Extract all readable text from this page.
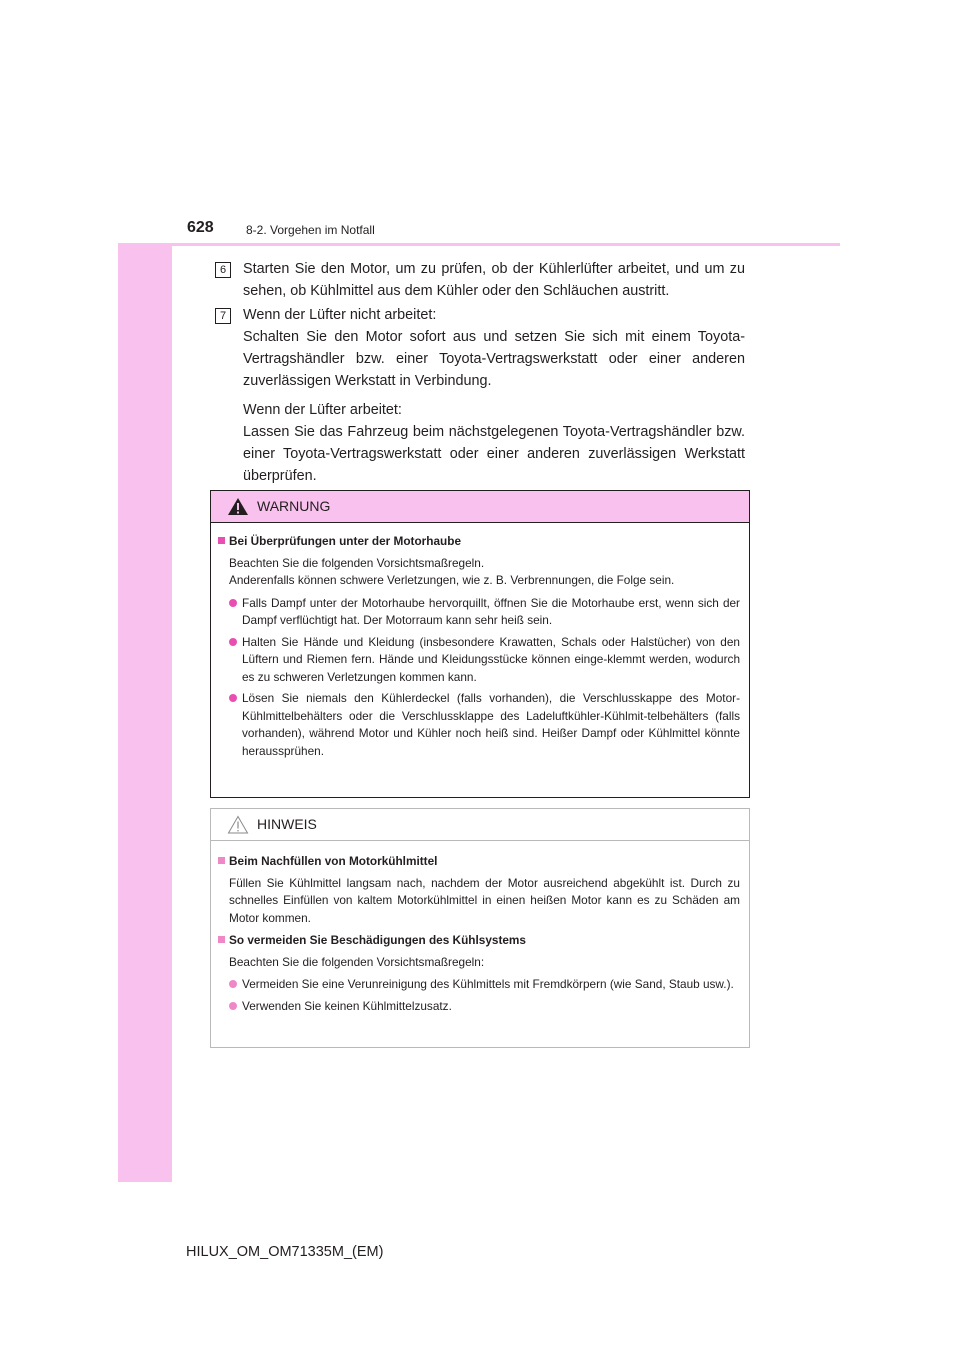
628	8-2. Vorgehen im Notfall
6	Starten Sie den Motor, um zu prüfen, ob der Kühlerlüfter arbeitet, und um zu sehen, ob Kühlmittel aus dem Kühler oder den Schläuchen austritt.

7	Wenn der Lüfter nicht arbeitet:
Schalten Sie den Motor sofort aus und setzen Sie sich mit einem Toyota-Vertragshändler bzw. einer Toyota-Vertragswerkstatt oder einer anderen zuverlässigen Werkstatt in Verbindung.

Wenn der Lüfter arbeitet:
Lassen Sie das Fahrzeug beim nächstgelegenen Toyota-Vertragshändler bzw. einer Toyota-Vertragswerkstatt oder einer anderen zuverlässigen Werkstatt überprüfen.

WARNUNG
Bei Überprüfungen unter der Motorhaube
Beachten Sie die folgenden Vorsichtsmaßregeln.
Anderenfalls können schwere Verletzungen, wie z. B. Verbrennungen, die Folge sein.
Falls Dampf unter der Motorhaube hervorquillt, öffnen Sie die Motorhaube erst, wenn sich der Dampf verflüchtigt hat. Der Motorraum kann sehr heiß sein.
Halten Sie Hände und Kleidung (insbesondere Krawatten, Schals oder Halstücher) von den Lüftern und Riemen fern. Hände und Kleidungsstücke können einge-klemmt werden, wodurch es zu schweren Verletzungen kommen kann.
Lösen Sie niemals den Kühlerdeckel (falls vorhanden), die Verschlusskappe des Motor-Kühlmittelbehälters oder die Verschlussklappe des Ladeluftkühler-Kühlmit-telbehälters (falls vorhanden), während Motor und Kühler noch heiß sind. Heißer Dampf oder Kühlmittel könnte heraussprühen.
HINWEIS
Beim Nachfüllen von Motorkühlmittel
Füllen Sie Kühlmittel langsam nach, nachdem der Motor ausreichend abgekühlt ist. Durch zu schnelles Einfüllen von kaltem Motorkühlmittel in einen heißen Motor kann es zu Schäden am Motor kommen.
So vermeiden Sie Beschädigungen des Kühlsystems
Beachten Sie die folgenden Vorsichtsmaßregeln:
Vermeiden Sie eine Verunreinigung des Kühlmittels mit Fremdkörpern (wie Sand, Staub usw.).
Verwenden Sie keinen Kühlmittelzusatz.
HILUX_OM_OM71335M_(EM)
